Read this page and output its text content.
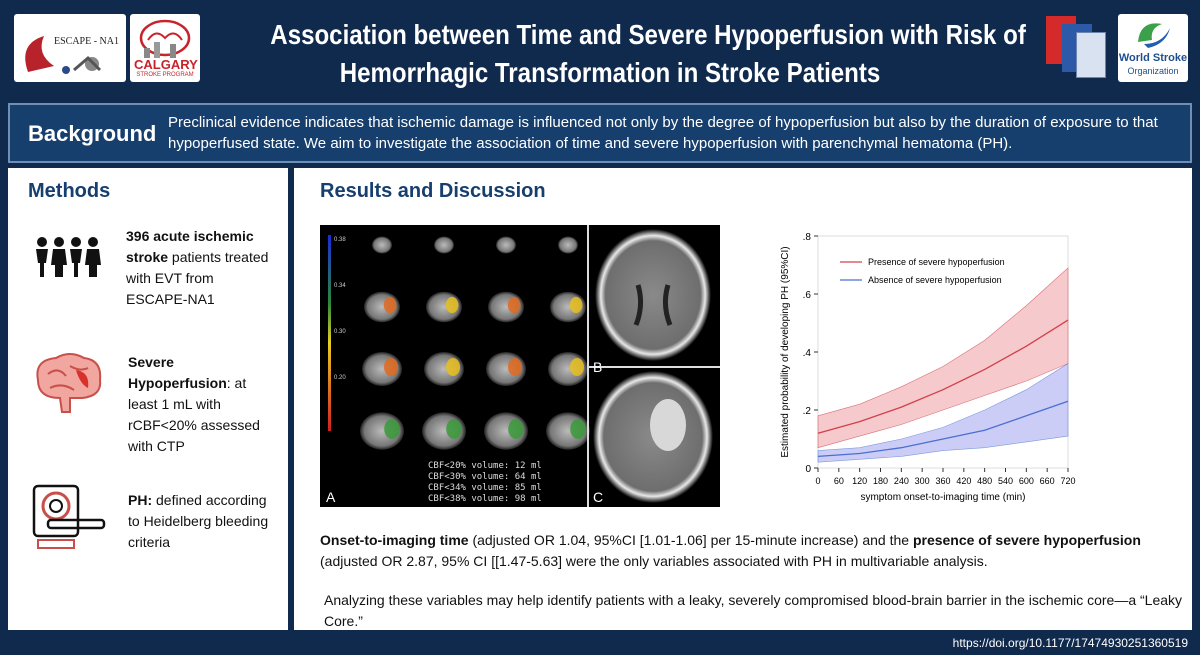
ESCAPE - NA1
CALGARY
STROKE PROGRAM
Association between Time and Severe Hypoperfusion with Risk of
Hemorrhagic Transformation in Stroke Patients	World Stroke
Organization
Background Preclinical evidence indicates that ischemic damage is influenced not only by the degree of hypoperfusion but also by the duration of exposure to that hypoperfused state. We aim to investigate the association of time and severe hypoperfusion with parenchymal hematoma (PH).
Methods
396 acute ischemic stroke patients treated with EVT from ESCAPE-NA1
Severe Hypoperfusion: at least 1 mL with rCBF<20% assessed with CTP
PH: defined according to Heidelberg bleeding criteria
Results and Discussion
Onset-to-imaging time (adjusted OR 1.04, 95%CI [1.01-1.06] per 15-minute increase) and the presence of severe hypoperfusion (adjusted OR 2.87, 95% CI [[1.47-5.63] were the only variables associated with PH in multivariable analysis.
Analyzing these variables may help identify patients with a leaky, severely compromised blood-brain barrier in the ischemic core—a “Leaky Core.”
0.38
0.34
0.30
0.20
CBF<20% volume: 12 ml
CBF<30% volume: 64 ml
CBF<34% volume: 85 ml
CBF<38% volume: 98 ml
A
B
C
0
.2
.4
.6
.8
0 60 120 180 240 300 360 420 480 540 600 660 720
Presence of severe hypoperfusion
Absence of severe hypoperfusion
symptom onset-to-imaging time (min)
Estimated probability of developing PH (95%CI)
https://doi.org/10.1177/17474930251360519
